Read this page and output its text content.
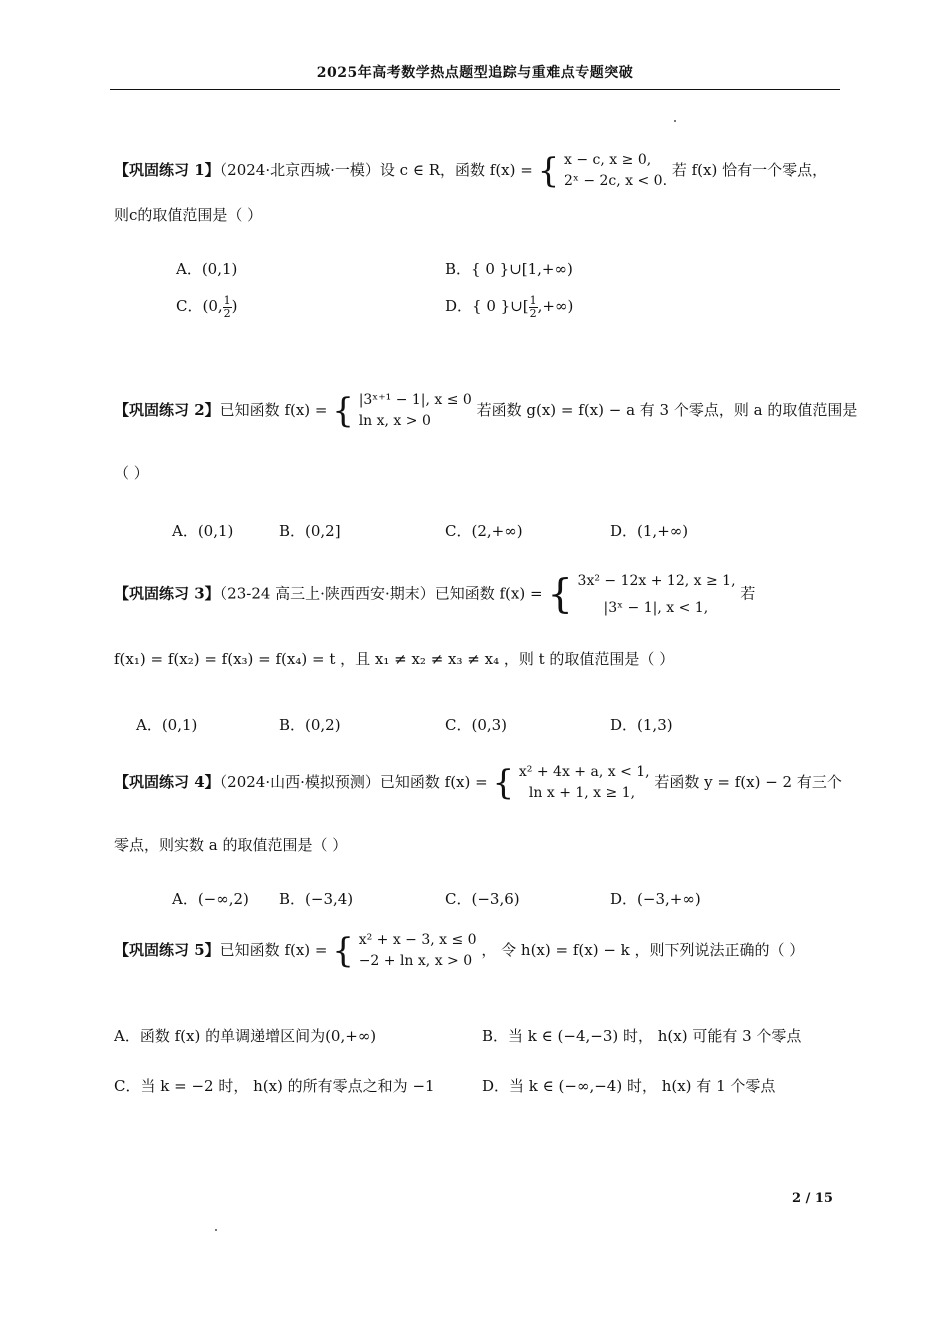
2025年高考数学热点题型追踪与重难点专题突破
【巩固练习 1】（2024·北京西城·一模）设 c ∈ R，函数 f(x) = { x − c, x ≥ 0,
2ˣ − 2c, x < 0.
若 f(x) 恰有一个零点，
则c的取值范围是（ ）
A．(0,1)	B．{ 0 }∪[1,+∞)
C．(0, $\frac{1}{2}$ )	D．{ 0 }∪[ $\frac{1}{2}$ ,+∞)
【巩固练习 2】已知函数 f(x) = { |3ˣ⁺¹ − 1|, x ≤ 0
ln x, x > 0
若函数 g(x) = f(x) − a 有 3 个零点，则 a 的取值范围是
（ ）
A．(0,1)	B．(0,2]	C．(2,+∞)	D．(1,+∞)
【巩固练习 3】（23-24 高三上·陕西西安·期末）已知函数 f(x) = { 3x² − 12x + 12, x ≥ 1,
|3ˣ − 1|, x < 1,
若
f(x₁) = f(x₂) = f(x₃) = f(x₄) = t ，且 x₁ ≠ x₂ ≠ x₃ ≠ x₄ ，则 t 的取值范围是（ ）
A．(0,1)	B．(0,2)	C．(0,3)	D．(1,3)
【巩固练习 4】（2024·山西·模拟预测）已知函数 f(x) = { x² + 4x + a, x < 1,
ln x + 1, x ≥ 1,
若函数 y = f(x) − 2 有三个
零点，则实数 a 的取值范围是（ ）
A．(−∞,2) B．(−3,4)	C．(−3,6)	D．(−3,+∞)
【巩固练习 5】已知函数 f(x) = { x² + x − 3, x ≤ 0
−2 + ln x, x > 0
， 令 h(x) = f(x) − k ，则下列说法正确的（ ）
A．函数 f(x) 的单调递增区间为(0,+∞)	B．当 k ∈ (−4,−3) 时， h(x) 可能有 3 个零点
C．当 k = −2 时， h(x) 的所有零点之和为 −1	D．当 k ∈ (−∞,−4) 时， h(x) 有 1 个零点
2 / 15
